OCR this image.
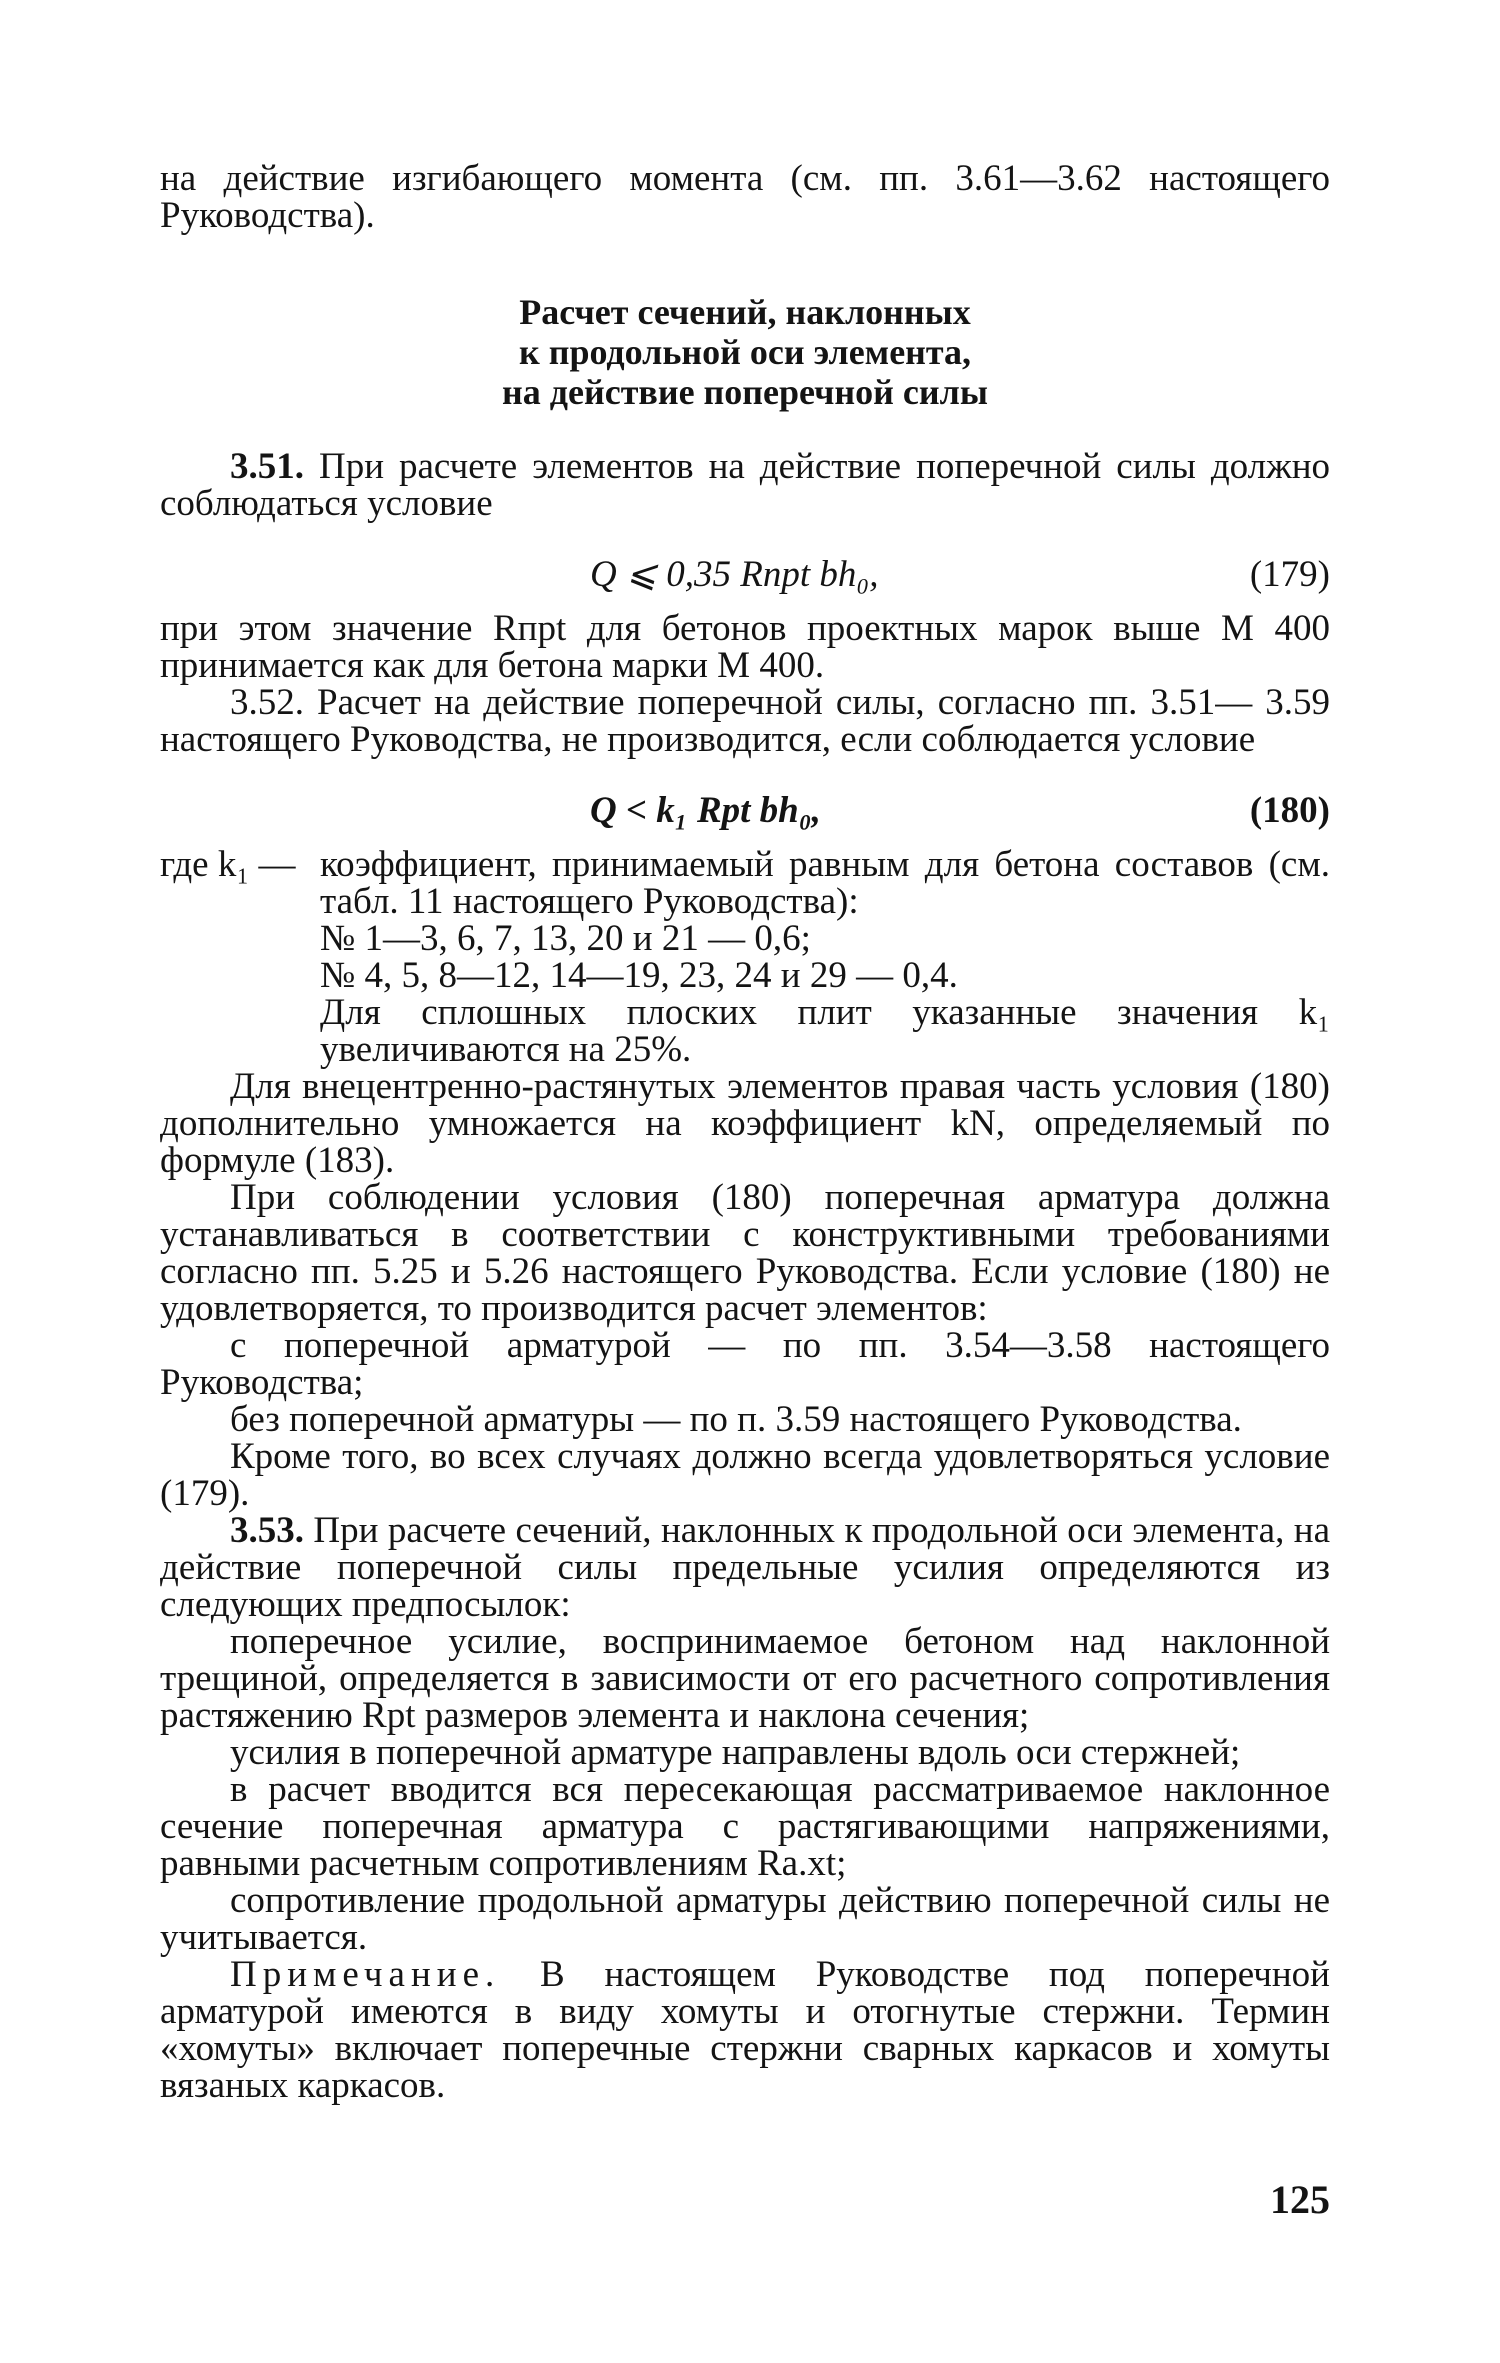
на действие изгибающего момента (см. пп. 3.61—3.62 настоящего Руководства).

Расчет сечений, наклонных
к продольной оси элемента,
на действие поперечной силы

3.51. При расчете элементов на действие поперечной силы должно соблюдаться условие

Q ⩽ 0,35 Rпрt bh₀,	(179)

при этом значение Rпрt для бетонов проектных марок выше М 400 принимается как для бетона марки М 400.

3.52. Расчет на действие поперечной силы, согласно пп. 3.51— 3.59 настоящего Руководства, не производится, если соблюдается условие

Q < k₁ Rpt bh₀,	(180)
где k₁ — коэффициент, принимаемый равным для бетона составов (см. табл. 11 настоящего Руководства):

№ 1—3, 6, 7, 13, 20 и 21 — 0,6;

№ 4, 5, 8—12, 14—19, 23, 24 и 29 — 0,4.

Для сплошных плоских плит указанные значения k₁ увеличиваются на 25%.

Для внецентренно-растянутых элементов правая часть условия (180) дополнительно умножается на коэффициент kN, определяемый по формуле (183).

При соблюдении условия (180) поперечная арматура должна устанавливаться в соответствии с конструктивными требованиями согласно пп. 5.25 и 5.26 настоящего Руководства. Если условие (180) не удовлетворяется, то производится расчет элементов:

с поперечной арматурой — по пп. 3.54—3.58 настоящего Руководства;

без поперечной арматуры — по п. 3.59 настоящего Руководства.

Кроме того, во всех случаях должно всегда удовлетворяться условие (179).

3.53. При расчете сечений, наклонных к продольной оси элемента, на действие поперечной силы предельные усилия определяются из следующих предпосылок:

поперечное усилие, воспринимаемое бетоном над наклонной трещиной, определяется в зависимости от его расчетного сопротивления растяжению Rpt размеров элемента и наклона сечения;

усилия в поперечной арматуре направлены вдоль оси стержней;

в расчет вводится вся пересекающая рассматриваемое наклонное сечение поперечная арматура с растягивающими напряжениями, равными расчетным сопротивлениям Rа.хt;

сопротивление продольной арматуры действию поперечной силы не учитывается.

Примечание. В настоящем Руководстве под поперечной арматурой имеются в виду хомуты и отогнутые стержни. Термин «хомуты» включает поперечные стержни сварных каркасов и хомуты вязаных каркасов.

125
